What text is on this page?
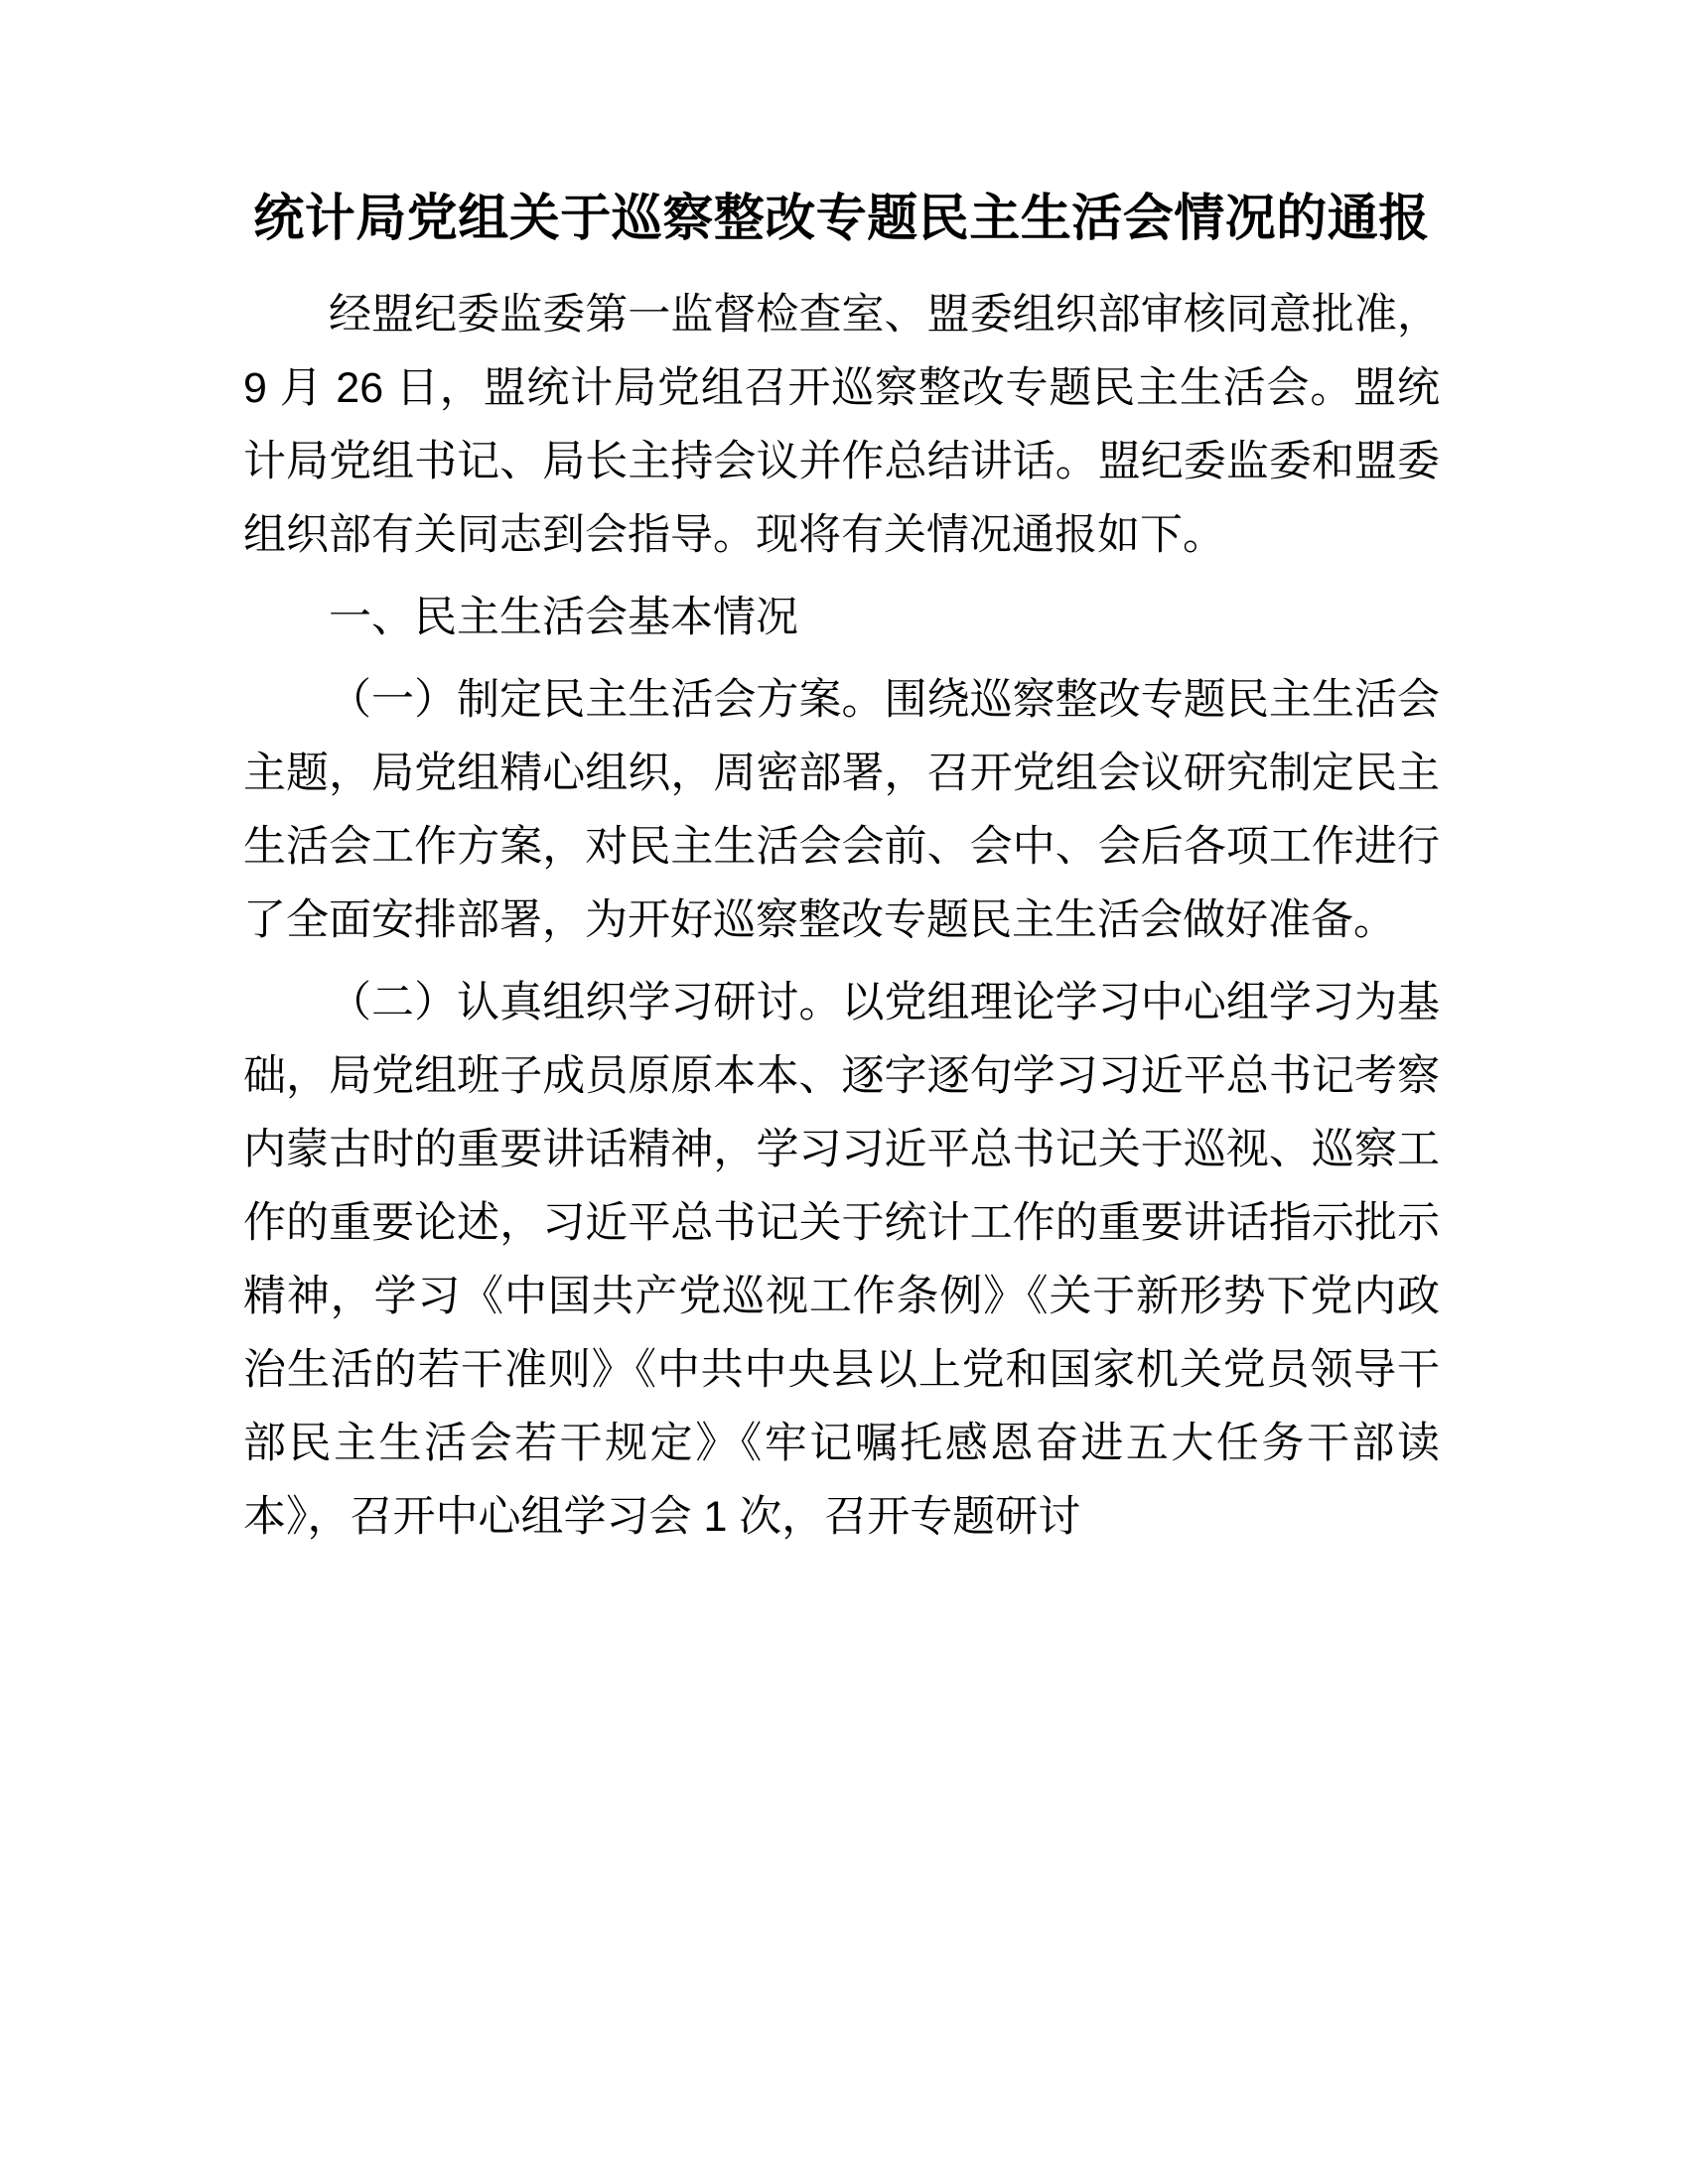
统计局党组关于巡察整改专题民主生活会情况的通报

经盟纪委监委第一监督检查室、盟委组织部审核同意批准，9 月 26 日，盟统计局党组召开巡察整改专题民主生活会。盟统计局党组书记、局长主持会议并作总结讲话。盟纪委监委和盟委组织部有关同志到会指导。现将有关情况通报如下。

一、民主生活会基本情况

（一）制定民主生活会方案。围绕巡察整改专题民主生活会主题，局党组精心组织，周密部署，召开党组会议研究制定民主生活会工作方案，对民主生活会会前、会中、会后各项工作进行了全面安排部署，为开好巡察整改专题民主生活会做好准备。

（二）认真组织学习研讨。以党组理论学习中心组学习为基础，局党组班子成员原原本本、逐字逐句学习习近平总书记考察内蒙古时的重要讲话精神，学习习近平总书记关于巡视、巡察工作的重要论述，习近平总书记关于统计工作的重要讲话指示批示精神，学习《中国共产党巡视工作条例》《关于新形势下党内政治生活的若干准则》《中共中央县以上党和国家机关党员领导干部民主生活会若干规定》《牢记嘱托感恩奋进五大任务干部读本》，召开中心组学习会 1 次，召开专题研讨
